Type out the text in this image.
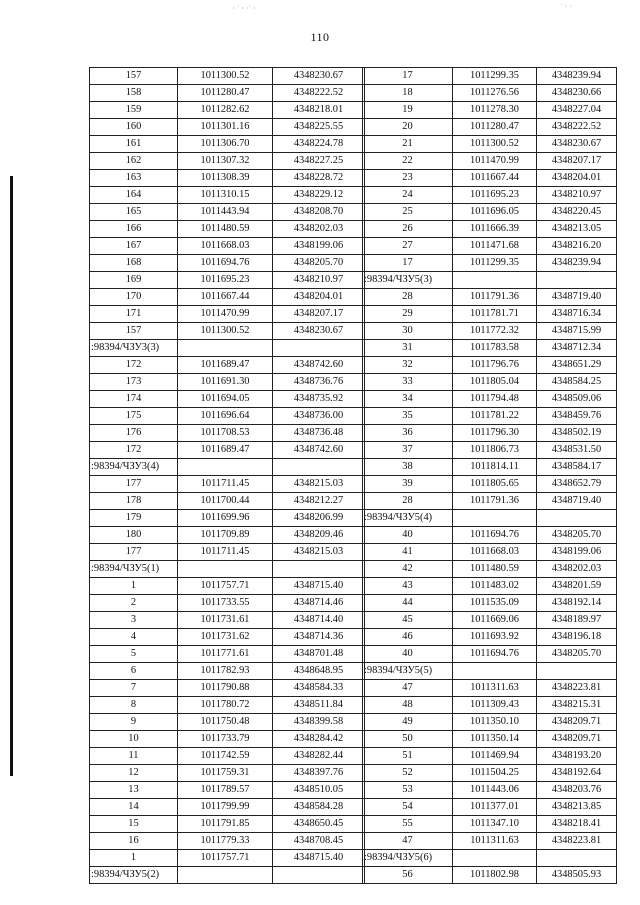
110
· ˙ · ·˙ ·	˙ · ·
157	1011300.52	4348230.67
158	1011280.47	4348222.52
159	1011282.62	4348218.01
160	1011301.16	4348225.55
161	1011306.70	4348224.78
162	1011307.32	4348227.25
163	1011308.39	4348228.72
164	1011310.15	4348229.12
165	1011443.94	4348208.70
166	1011480.59	4348202.03
167	1011668.03	4348199.06
168	1011694.76	4348205.70
169	1011695.23	4348210.97
170	1011667.44	4348204.01
171	1011470.99	4348207.17
157	1011300.52	4348230.67
:98394/ЧЗУ3(3)		
172	1011689.47	4348742.60
173	1011691.30	4348736.76
174	1011694.05	4348735.92
175	1011696.64	4348736.00
176	1011708.53	4348736.48
172	1011689.47	4348742.60
:98394/ЧЗУ3(4)		
177	1011711.45	4348215.03
178	1011700.44	4348212.27
179	1011699.96	4348206.99
180	1011709.89	4348209.46
177	1011711.45	4348215.03
:98394/ЧЗУ5(1)		
1	1011757.71	4348715.40
2	1011733.55	4348714.46
3	1011731.61	4348714.40
4	1011731.62	4348714.36
5	1011771.61	4348701.48
6	1011782.93	4348648.95
7	1011790.88	4348584.33
8	1011780.72	4348511.84
9	1011750.48	4348399.58
10	1011733.79	4348284.42
11	1011742.59	4348282.44
12	1011759.31	4348397.76
13	1011789.57	4348510.05
14	1011799.99	4348584.28
15	1011791.85	4348650.45
16	1011779.33	4348708.45
1	1011757.71	4348715.40
:98394/ЧЗУ5(2)		
17	1011299.35	4348239.94
18	1011276.56	4348230.66
19	1011278.30	4348227.04
20	1011280.47	4348222.52
21	1011300.52	4348230.67
22	1011470.99	4348207.17
23	1011667.44	4348204.01
24	1011695.23	4348210.97
25	1011696.05	4348220.45
26	1011666.39	4348213.05
27	1011471.68	4348216.20
17	1011299.35	4348239.94
:98394/ЧЗУ5(3)		
28	1011791.36	4348719.40
29	1011781.71	4348716.34
30	1011772.32	4348715.99
31	1011783.58	4348712.34
32	1011796.76	4348651.29
33	1011805.04	4348584.25
34	1011794.48	4348509.06
35	1011781.22	4348459.76
36	1011796.30	4348502.19
37	1011806.73	4348531.50
38	1011814.11	4348584.17
39	1011805.65	4348652.79
28	1011791.36	4348719.40
:98394/ЧЗУ5(4)		
40	1011694.76	4348205.70
41	1011668.03	4348199.06
42	1011480.59	4348202.03
43	1011483.02	4348201.59
44	1011535.09	4348192.14
45	1011669.06	4348189.97
46	1011693.92	4348196.18
40	1011694.76	4348205.70
:98394/ЧЗУ5(5)		
47	1011311.63	4348223.81
48	1011309.43	4348215.31
49	1011350.10	4348209.71
50	1011350.14	4348209.71
51	1011469.94	4348193.20
52	1011504.25	4348192.64
53	1011443.06	4348203.76
54	1011377.01	4348213.85
55	1011347.10	4348218.41
47	1011311.63	4348223.81
:98394/ЧЗУ5(6)		
56	1011802.98	4348505.93
